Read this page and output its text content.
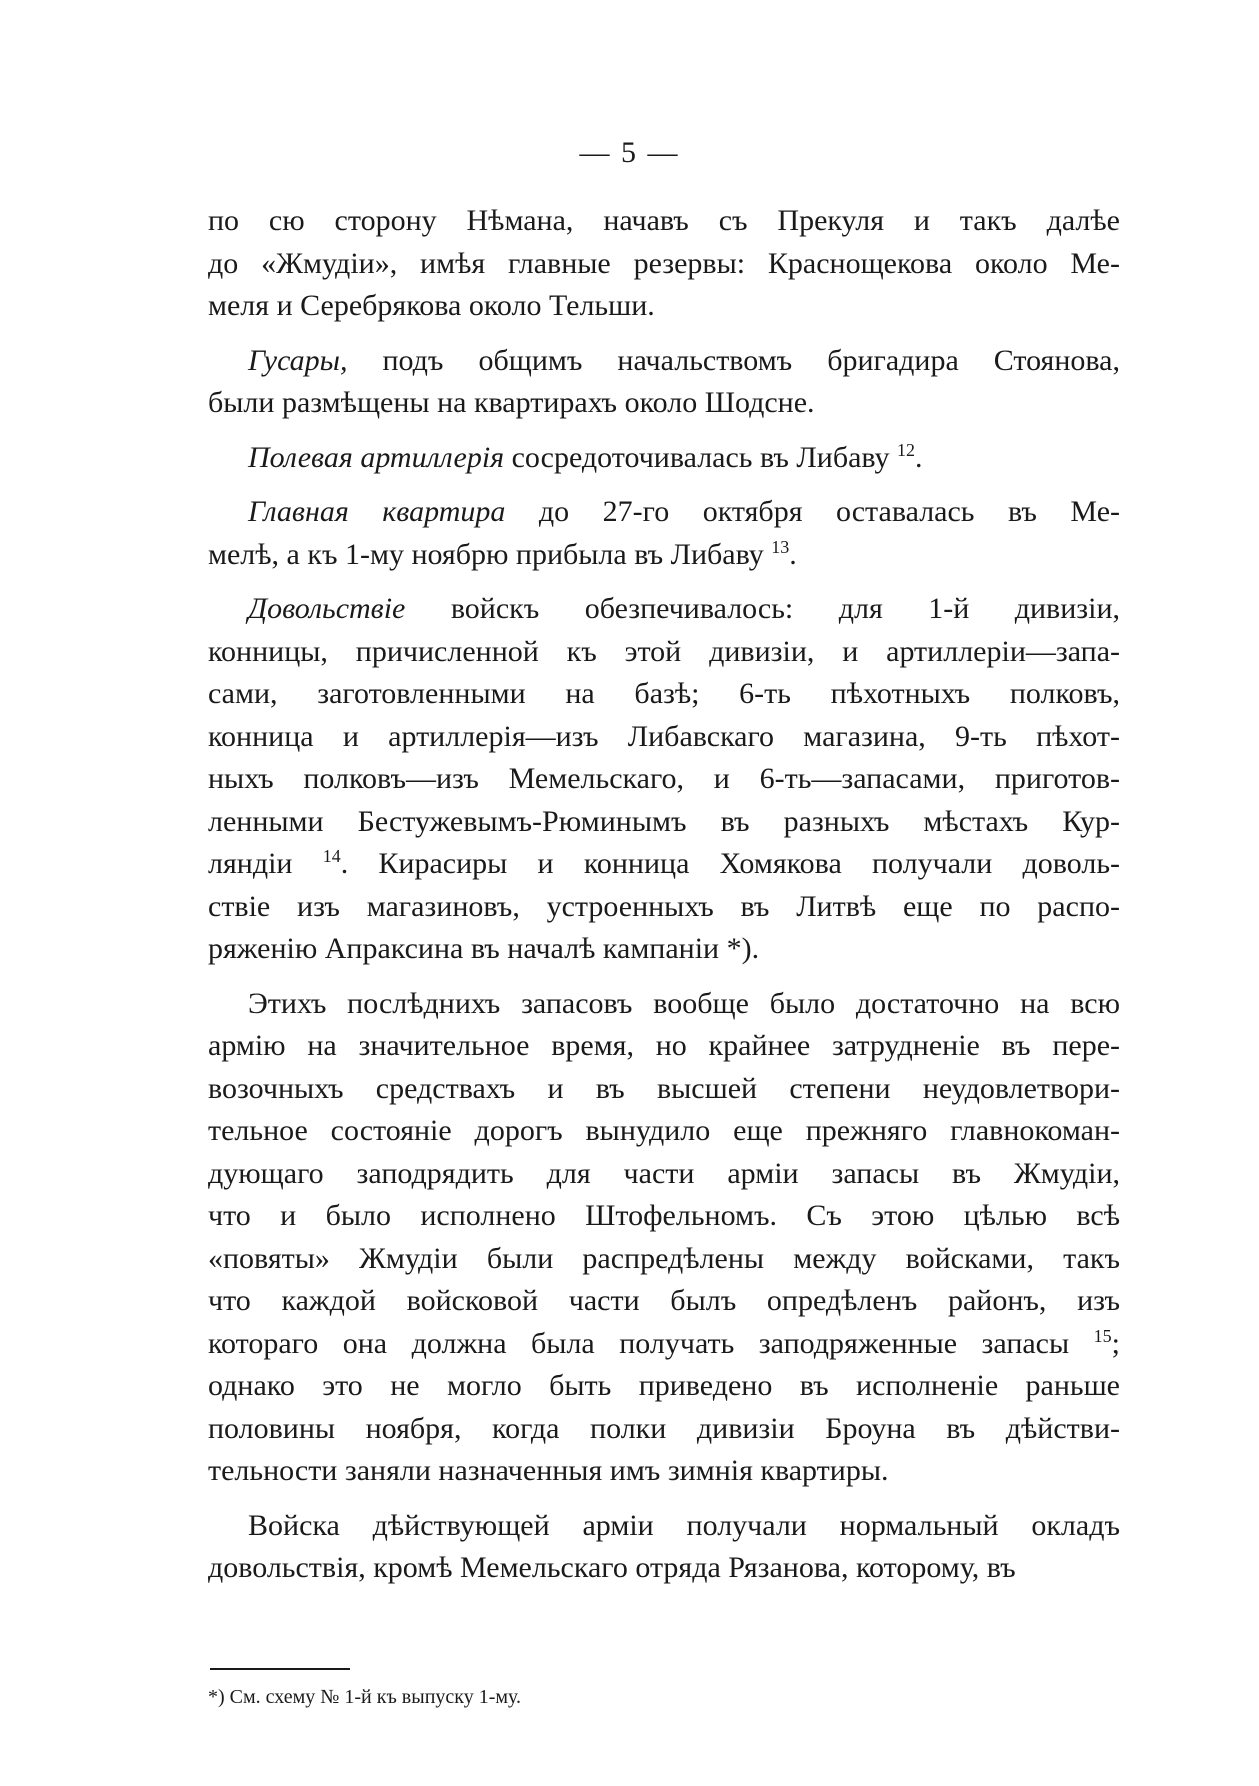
— 5 —
по сю сторону Нѣмана, начавъ съ Прекуля и такъ далѣе
до «Жмудіи», имѣя главные резервы: Краснощекова около Ме-
меля и Серебрякова около Тельши.
Гусары, подъ общимъ начальствомъ бригадира Стоянова,
были размѣщены на квартирахъ около Шодсне.
Полевая артиллерія сосредоточивалась въ Либаву $^{12}$.
Главная квартира до 27-го октября оставалась въ Ме-
мелѣ, а къ 1-му ноябрю прибыла въ Либаву $^{13}$.
Довольствіе войскъ обезпечивалось: для 1-й дивизіи,
конницы, причисленной къ этой дивизіи, и артиллеріи—запа-
сами, заготовленными на базѣ; 6-ть пѣхотныхъ полковъ,
конница и артиллерія—изъ Либавскаго магазина, 9-ть пѣхот-
ныхъ полковъ—изъ Мемельскаго, и 6-ть—запасами, приготов-
ленными Бестужевымъ-Рюминымъ въ разныхъ мѣстахъ Кур-
ляндіи $^{14}$. Кирасиры и конница Хомякова получали доволь-
ствіе изъ магазиновъ, устроенныхъ въ Литвѣ еще по распо-
ряженію Апраксина въ началѣ кампаніи *).
Этихъ послѣднихъ запасовъ вообще было достаточно на всю
армію на значительное время, но крайнее затрудненіе въ пере-
возочныхъ средствахъ и въ высшей степени неудовлетвори-
тельное состояніе дорогъ вынудило еще прежняго главнокоман-
дующаго заподрядить для части арміи запасы въ Жмудіи,
что и было исполнено Штофельномъ. Съ этою цѣлью всѣ
«повяты» Жмудіи были распредѣлены между войсками, такъ
что каждой войсковой части былъ опредѣленъ районъ, изъ
котораго она должна была получать заподряженные запасы $^{15}$;
однако это не могло быть приведено въ исполненіе раньше
половины ноября, когда полки дивизіи Броуна въ дѣйстви-
тельности заняли назначенныя имъ зимнія квартиры.
Войска дѣйствующей арміи получали нормальный окладъ
довольствія, кромѣ Мемельскаго отряда Рязанова, которому, въ
*) См. схему № 1-й къ выпуску 1-му.
